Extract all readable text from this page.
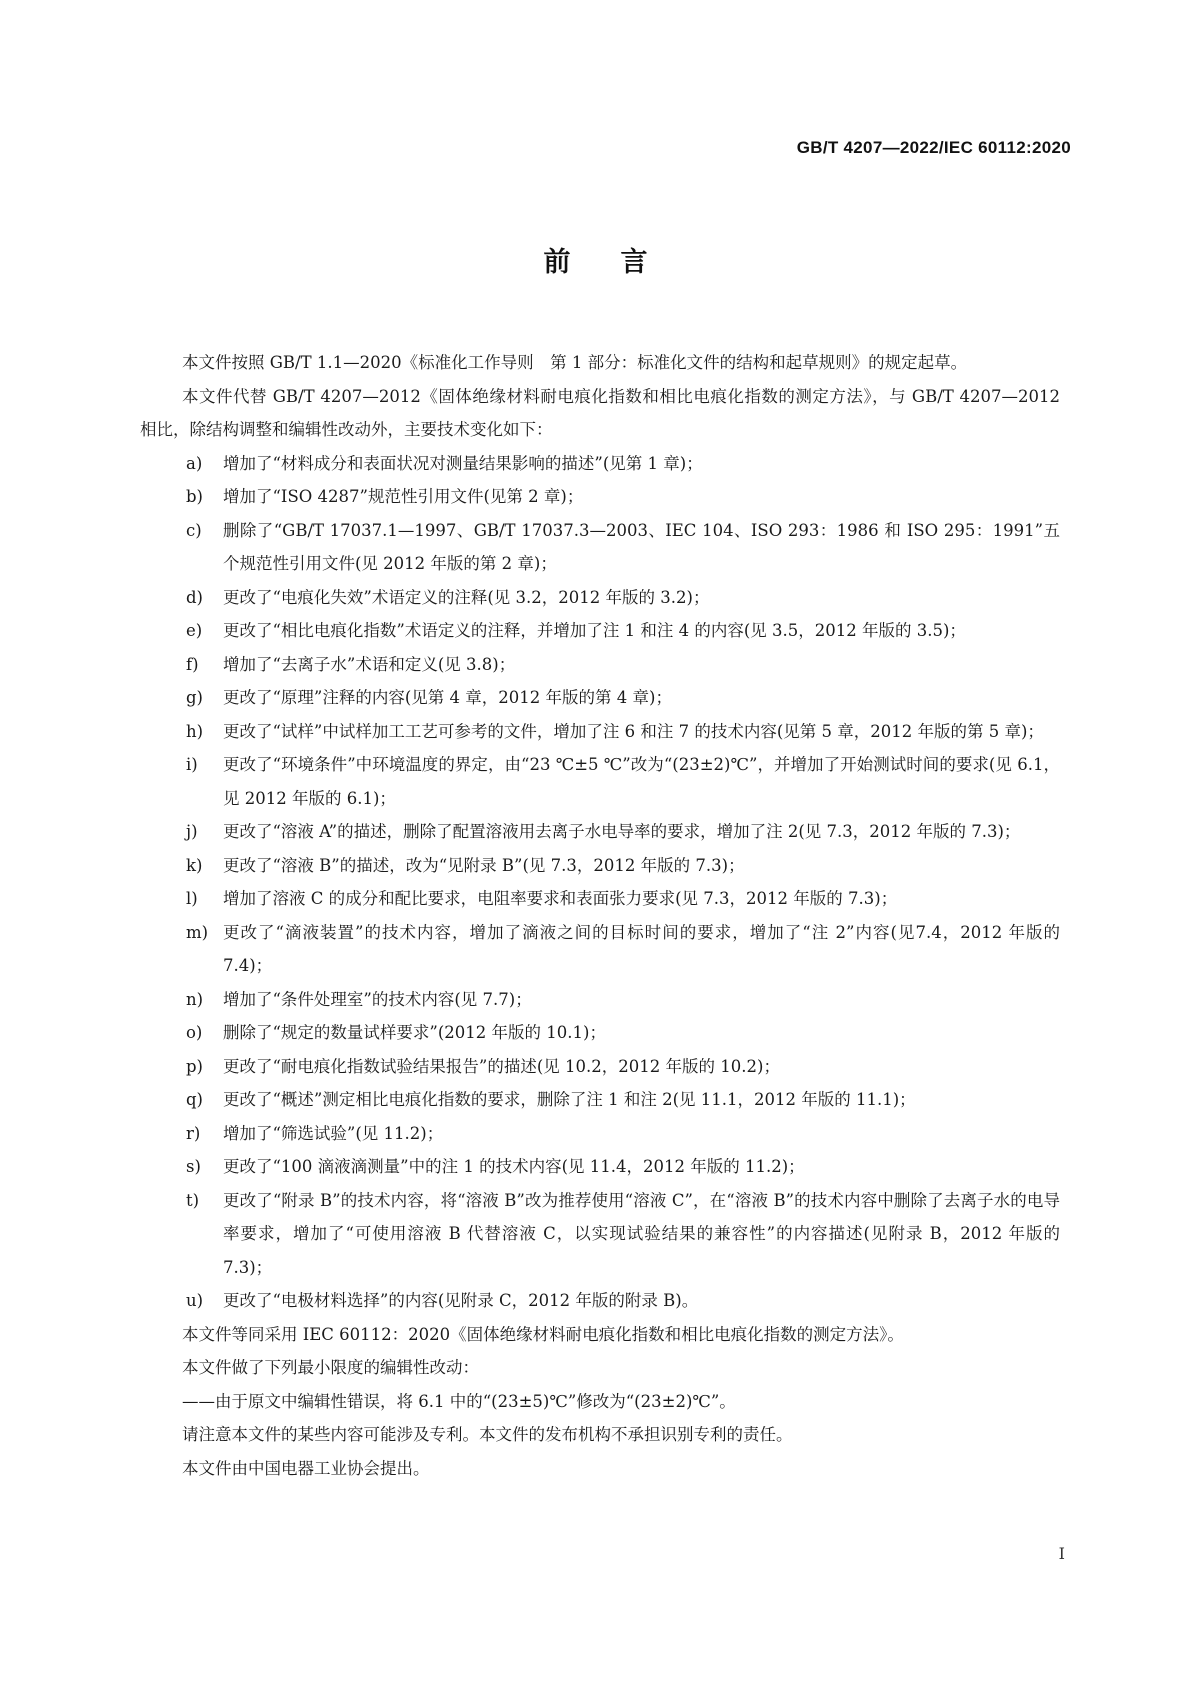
GB/T 4207—2022/IEC 60112:2020
前言

本文件按照 GB/T 1.1—2020《标准化工作导则　第 1 部分：标准化文件的结构和起草规则》的规定起草。

本文件代替 GB/T 4207—2012《固体绝缘材料耐电痕化指数和相比电痕化指数的测定方法》，与 GB/T 4207—2012 相比，除结构调整和编辑性改动外，主要技术变化如下：

a) 增加了“材料成分和表面状况对测量结果影响的描述”(见第 1 章)；

b) 增加了“ISO 4287”规范性引用文件(见第 2 章)；

c) 删除了“GB/T 17037.1—1997、GB/T 17037.3—2003、IEC 104、ISO 293：1986 和 ISO 295：1991”五个规范性引用文件(见 2012 年版的第 2 章)；

d) 更改了“电痕化失效”术语定义的注释(见 3.2，2012 年版的 3.2)；

e) 更改了“相比电痕化指数”术语定义的注释，并增加了注 1 和注 4 的内容(见 3.5，2012 年版的 3.5)；

f) 增加了“去离子水”术语和定义(见 3.8)；

g) 更改了“原理”注释的内容(见第 4 章，2012 年版的第 4 章)；

h) 更改了“试样”中试样加工工艺可参考的文件，增加了注 6 和注 7 的技术内容(见第 5 章，2012 年版的第 5 章)；

i) 更改了“环境条件”中环境温度的界定，由“23 ℃±5 ℃”改为“(23±2)℃”，并增加了开始测试时间的要求(见 6.1，见 2012 年版的 6.1)；

j) 更改了“溶液 A”的描述，删除了配置溶液用去离子水电导率的要求，增加了注 2(见 7.3，2012 年版的 7.3)；

k) 更改了“溶液 B”的描述，改为“见附录 B”(见 7.3，2012 年版的 7.3)；

l) 增加了溶液 C 的成分和配比要求，电阻率要求和表面张力要求(见 7.3，2012 年版的 7.3)；

m) 更改了“滴液装置”的技术内容，增加了滴液之间的目标时间的要求，增加了“注 2”内容(见7.4，2012 年版的 7.4)；

n) 增加了“条件处理室”的技术内容(见 7.7)；

o) 删除了“规定的数量试样要求”(2012 年版的 10.1)；

p) 更改了“耐电痕化指数试验结果报告”的描述(见 10.2，2012 年版的 10.2)；

q) 更改了“概述”测定相比电痕化指数的要求，删除了注 1 和注 2(见 11.1，2012 年版的 11.1)；

r) 增加了“筛选试验”(见 11.2)；

s) 更改了“100 滴液滴测量”中的注 1 的技术内容(见 11.4，2012 年版的 11.2)；

t) 更改了“附录 B”的技术内容，将“溶液 B”改为推荐使用“溶液 C”，在“溶液 B”的技术内容中删除了去离子水的电导率要求，增加了“可使用溶液 B 代替溶液 C，以实现试验结果的兼容性”的内容描述(见附录 B，2012 年版的 7.3)；

u) 更改了“电极材料选择”的内容(见附录 C，2012 年版的附录 B)。

本文件等同采用 IEC 60112：2020《固体绝缘材料耐电痕化指数和相比电痕化指数的测定方法》。

本文件做了下列最小限度的编辑性改动：

——由于原文中编辑性错误，将 6.1 中的“(23±5)℃”修改为“(23±2)℃”。

请注意本文件的某些内容可能涉及专利。本文件的发布机构不承担识别专利的责任。

本文件由中国电器工业协会提出。

I
